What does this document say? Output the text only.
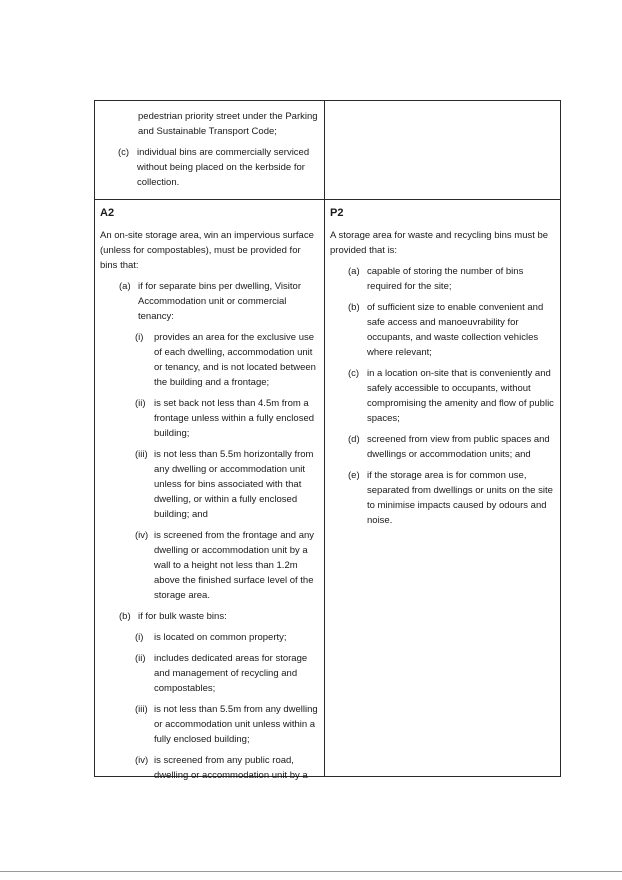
pedestrian priority street under the Parking and Sustainable Transport Code;
(c) individual bins are commercially serviced without being placed on the kerbside for collection.
A2
An on-site storage area, win an impervious surface (unless for compostables), must be provided for bins that:
(a) if for separate bins per dwelling, Visitor Accommodation unit or commercial tenancy:
(i)	provides an area for the exclusive use of each dwelling, accommodation unit or tenancy, and is not located between the building and a frontage;
(ii) is set back not less than 4.5m from a frontage unless within a fully enclosed building;
(iii) is not less than 5.5m horizontally from any dwelling or accommodation unit unless for bins associated with that dwelling, or within a fully enclosed building; and
(iv) is screened from the frontage and any dwelling or accommodation unit by a wall to a height not less than 1.2m above the finished surface level of the storage area.
(b) if for bulk waste bins:
(i)	is located on common property;
(ii) includes dedicated areas for storage and management of recycling and compostables;
(iii) is not less than 5.5m from any dwelling or accommodation unit unless within a fully enclosed building;
(iv) is screened from any public road, dwelling or accommodation unit by a
P2
A storage area for waste and recycling bins must be provided that is:
(a) capable of storing the number of bins required for the site;
(b) of sufficient size to enable convenient and safe access and manoeuvrability for occupants, and waste collection vehicles where relevant;
(c) in a location on-site that is conveniently and safely accessible to occupants, without compromising the amenity and flow of public spaces;
(d) screened from view from public spaces and dwellings or accommodation units; and
(e) if the storage area is for common use, separated from dwellings or units on the site to minimise impacts caused by odours and noise.
